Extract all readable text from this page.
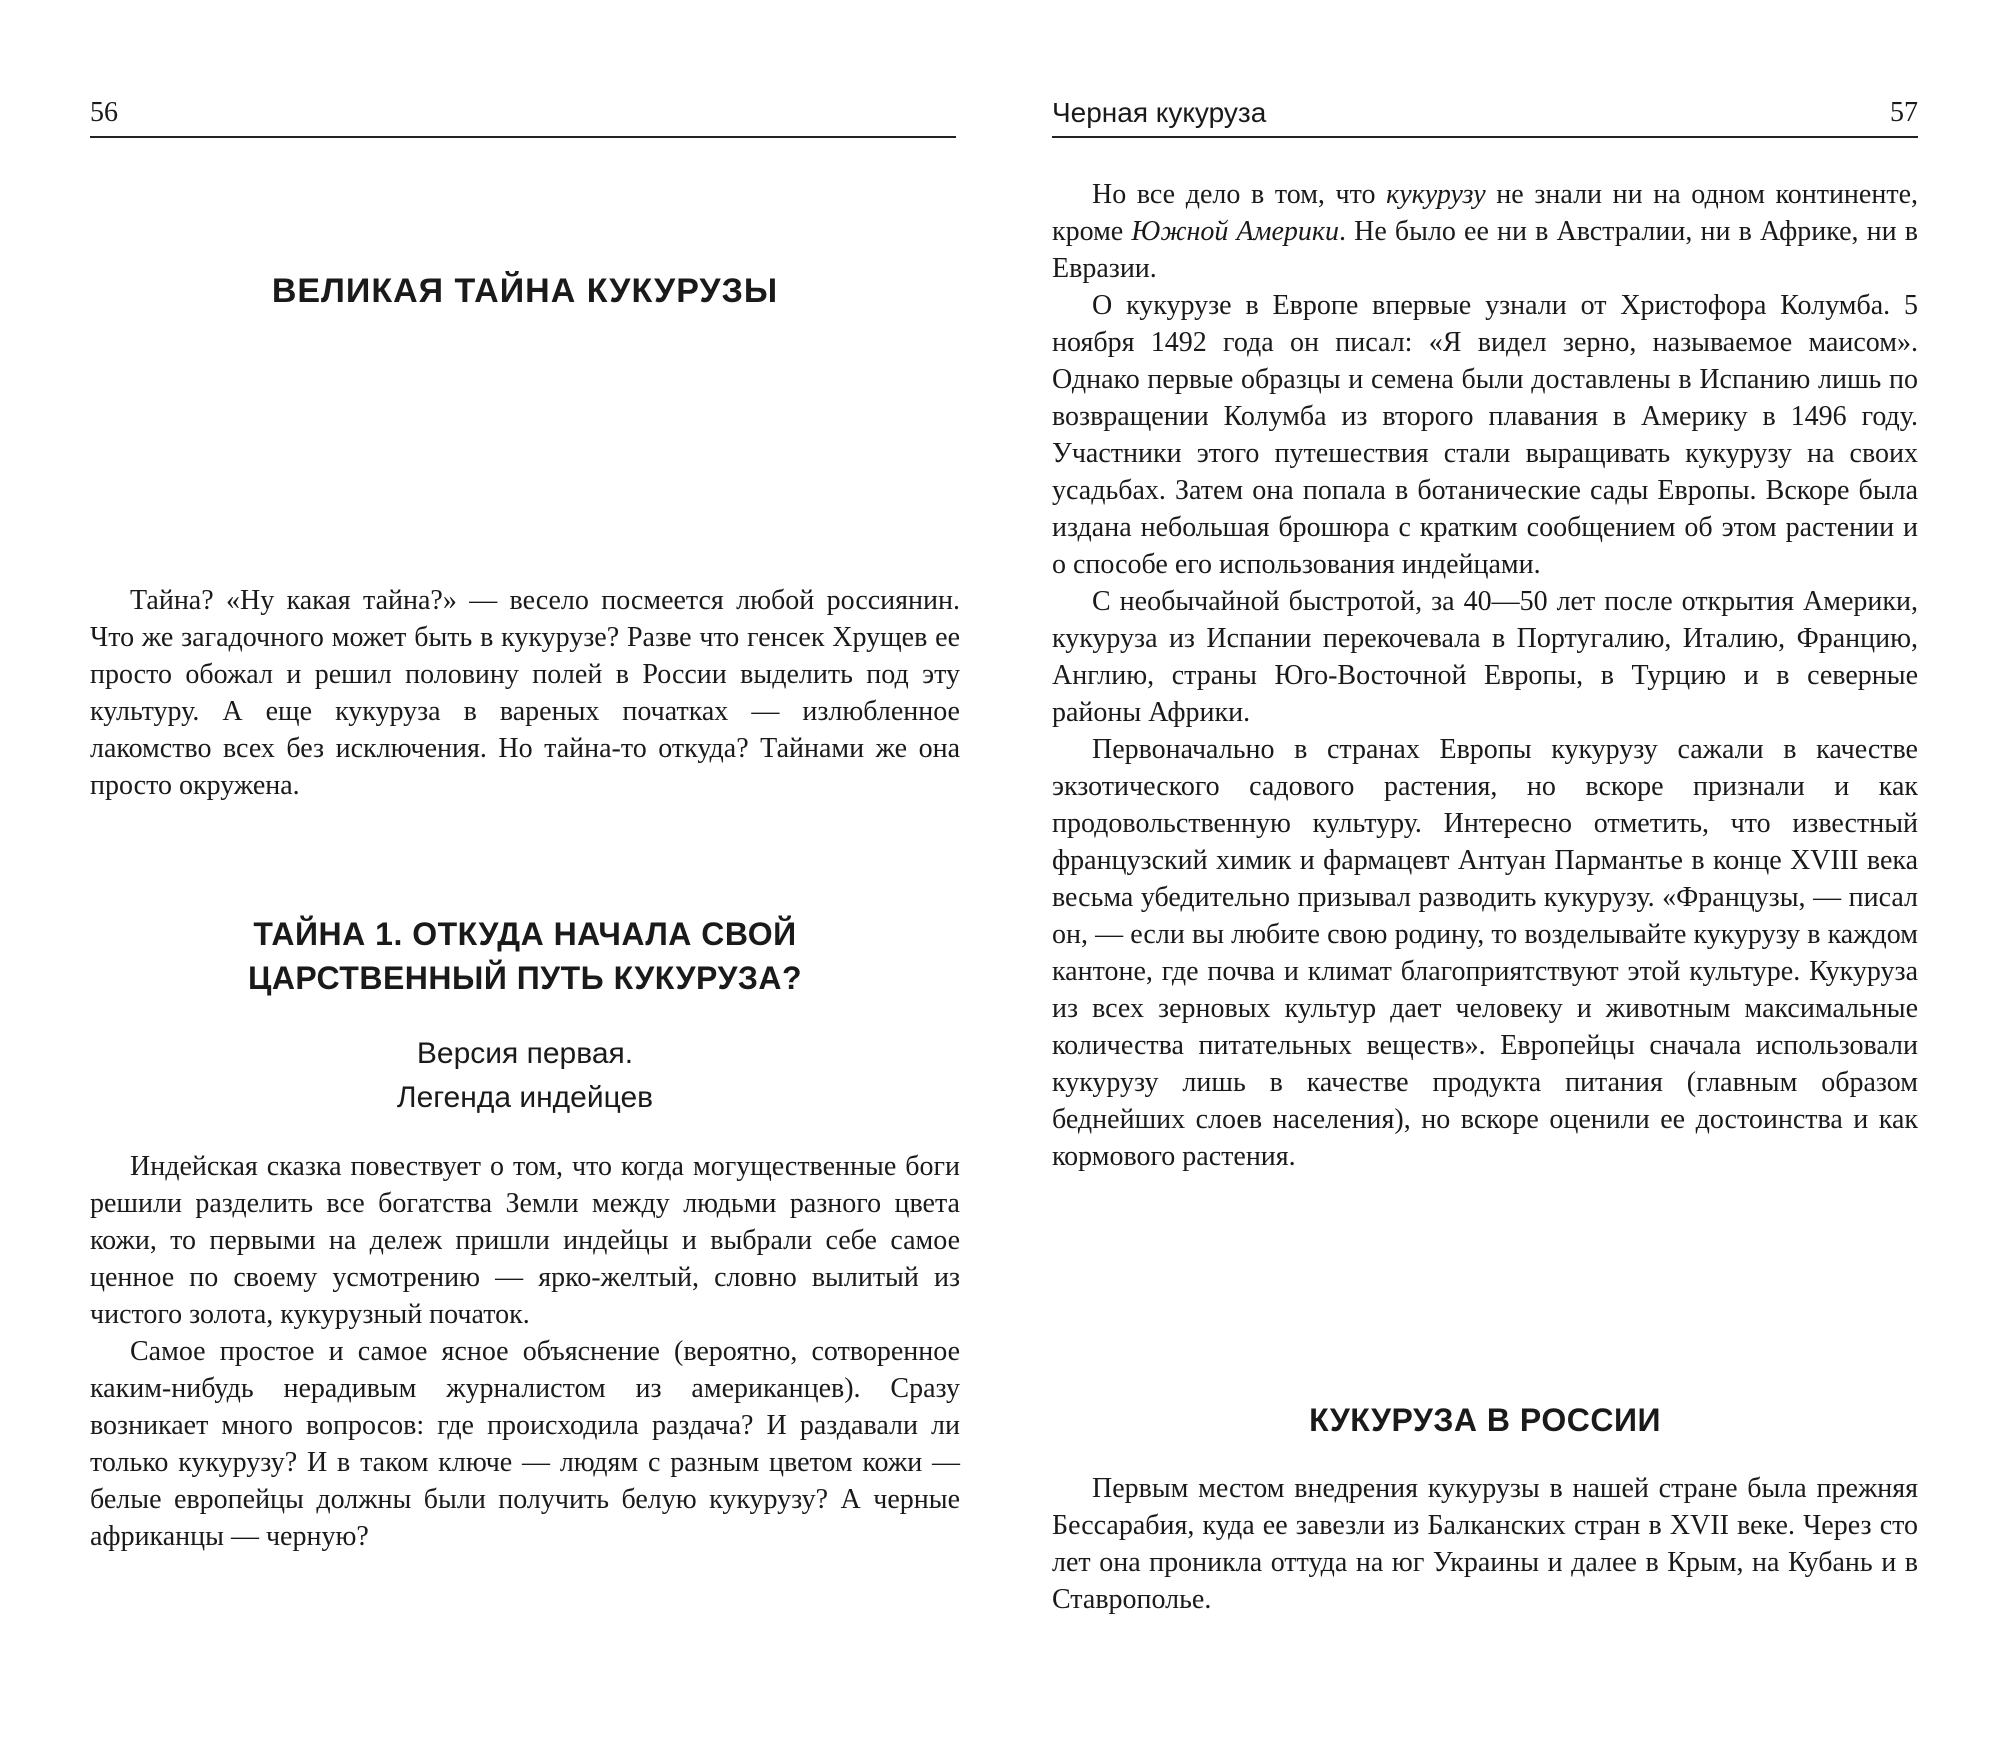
56
ВЕЛИКАЯ ТАЙНА КУКУРУЗЫ

Тайна? «Ну какая тайна?» — весело посмеется любой россиянин. Что же загадочного может быть в кукурузе? Разве что генсек Хрущев ее просто обожал и решил половину полей в России выделить под эту культуру. А еще кукуруза в вареных початках — излюбленное лакомство всех без исключения. Но тайна-то откуда? Тайнами же она просто окружена.

ТАЙНА 1. ОТКУДА НАЧАЛА СВОЙ
ЦАРСТВЕННЫЙ ПУТЬ КУКУРУЗА?
Версия первая.
Легенда индейцев

Индейская сказка повествует о том, что когда могущественные боги решили разделить все богатства Земли между людьми разного цвета кожи, то первыми на дележ пришли индейцы и выбрали себе самое ценное по своему усмотрению — ярко-желтый, словно вылитый из чистого золота, кукурузный початок.

Самое простое и самое ясное объяснение (вероятно, сотворенное каким-нибудь нерадивым журналистом из американцев). Сразу возникает много вопросов: где происходила раздача? И раздавали ли только кукурузу? И в таком ключе — людям с разным цветом кожи — белые европейцы должны были получить белую кукурузу? А черные африканцы — черную?

Черная кукуруза	57

Но все дело в том, что кукурузу не знали ни на одном континенте, кроме Южной Америки. Не было ее ни в Австралии, ни в Африке, ни в Евразии.

О кукурузе в Европе впервые узнали от Христофора Колумба. 5 ноября 1492 года он писал: «Я видел зерно, называемое маисом». Однако первые образцы и семена были доставлены в Испанию лишь по возвращении Колумба из второго плавания в Америку в 1496 году. Участники этого путешествия стали выращивать кукурузу на своих усадьбах. Затем она попала в ботанические сады Европы. Вскоре была издана небольшая брошюра с кратким сообщением об этом растении и о способе его использования индейцами.

С необычайной быстротой, за 40—50 лет после открытия Америки, кукуруза из Испании перекочевала в Португалию, Италию, Францию, Англию, страны Юго-Восточной Европы, в Турцию и в северные районы Африки.

Первоначально в странах Европы кукурузу сажали в качестве экзотического садового растения, но вскоре признали и как продовольственную культуру. Интересно отметить, что известный французский химик и фармацевт Антуан Пармантье в конце XVIII века весьма убедительно призывал разводить кукурузу. «Французы, — писал он, — если вы любите свою родину, то возделывайте кукурузу в каждом кантоне, где почва и климат благоприятствуют этой культуре. Кукуруза из всех зерновых культур дает человеку и животным максимальные количества питательных веществ». Европейцы сначала использовали кукурузу лишь в качестве продукта питания (главным образом беднейших слоев населения), но вскоре оценили ее достоинства и как кормового растения.

КУКУРУЗА В РОССИИ

Первым местом внедрения кукурузы в нашей стране была прежняя Бессарабия, куда ее завезли из Балканских стран в XVII веке. Через сто лет она проникла оттуда на юг Украины и далее в Крым, на Кубань и в Ставрополье.
